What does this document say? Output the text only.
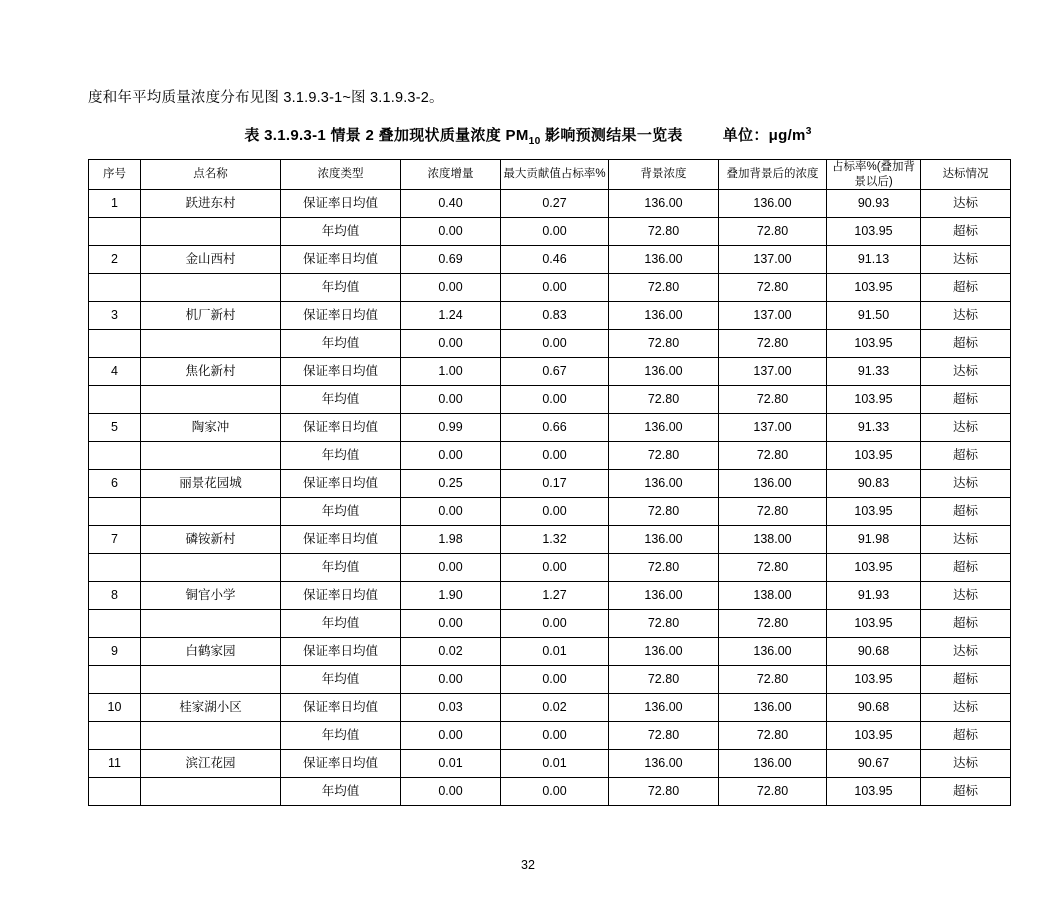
度和年平均质量浓度分布见图 3.1.9.3-1~图 3.1.9.3-2。
表 3.1.9.3-1 情景 2 叠加现状质量浓度 $PM_{10}$ 影响预测结果一览表	单位：$\mu g/m^3$
序号	点名称	浓度类型	浓度增量	最大贡献值占标率%	背景浓度	叠加背景后的浓度	占标率%(叠加背景以后)	达标情况
1	跃进东村	保证率日均值	0.40	0.27	136.00	136.00	90.93	达标
		年均值	0.00	0.00	72.80	72.80	103.95	超标
2	金山西村	保证率日均值	0.69	0.46	136.00	137.00	91.13	达标
		年均值	0.00	0.00	72.80	72.80	103.95	超标
3	机厂新村	保证率日均值	1.24	0.83	136.00	137.00	91.50	达标
		年均值	0.00	0.00	72.80	72.80	103.95	超标
4	焦化新村	保证率日均值	1.00	0.67	136.00	137.00	91.33	达标
		年均值	0.00	0.00	72.80	72.80	103.95	超标
5	陶家冲	保证率日均值	0.99	0.66	136.00	137.00	91.33	达标
		年均值	0.00	0.00	72.80	72.80	103.95	超标
6	丽景花园城	保证率日均值	0.25	0.17	136.00	136.00	90.83	达标
		年均值	0.00	0.00	72.80	72.80	103.95	超标
7	磷铵新村	保证率日均值	1.98	1.32	136.00	138.00	91.98	达标
		年均值	0.00	0.00	72.80	72.80	103.95	超标
8	铜官小学	保证率日均值	1.90	1.27	136.00	138.00	91.93	达标
		年均值	0.00	0.00	72.80	72.80	103.95	超标
9	白鹤家园	保证率日均值	0.02	0.01	136.00	136.00	90.68	达标
		年均值	0.00	0.00	72.80	72.80	103.95	超标
10	桂家湖小区	保证率日均值	0.03	0.02	136.00	136.00	90.68	达标
		年均值	0.00	0.00	72.80	72.80	103.95	超标
11	滨江花园	保证率日均值	0.01	0.01	136.00	136.00	90.67	达标
		年均值	0.00	0.00	72.80	72.80	103.95	超标
32
